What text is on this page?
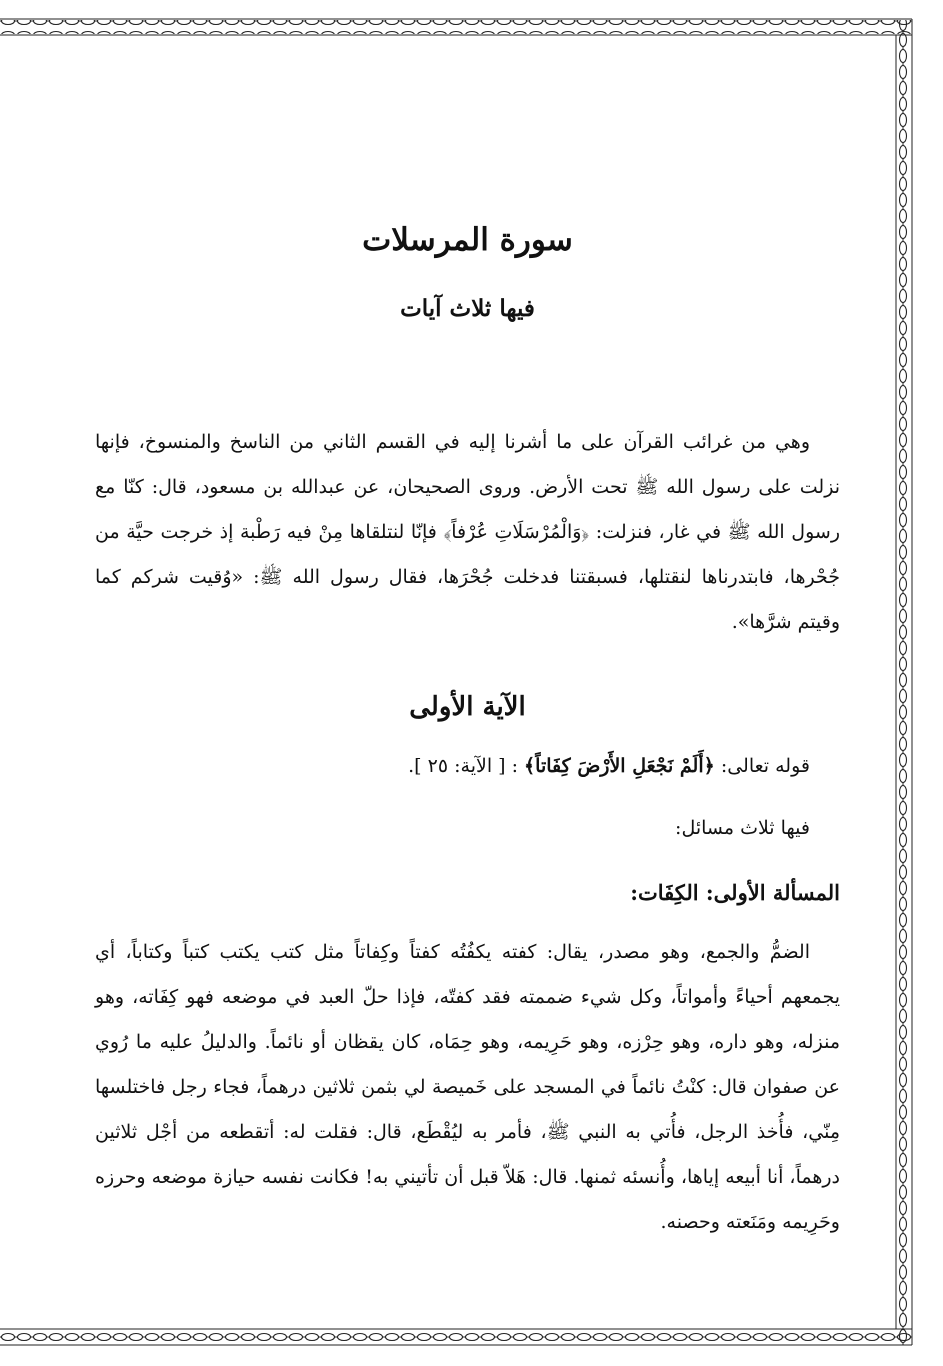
سورة المرسلات
فيها ثلاث آيات

وهي من غرائب القرآن على ما أشرنا إليه في القسم الثاني من الناسخ والمنسوخ، فإنها نزلت على رسول الله ﷺ تحت الأرض. وروى الصحيحان، عن عبدالله بن مسعود، قال: كنّا مع رسول الله ﷺ في غار، فنزلت: ﴿وَالْمُرْسَلَاتِ عُرْفاً﴾ فإنّا لنتلقاها مِنْ فيه رَطْبة إذ خرجت حيَّة من جُحْرها، فابتدرناها لنقتلها، فسبقتنا فدخلت جُحْرَها، فقال رسول الله ﷺ: «وُقيت شركم كما وقيتم شرَّها».

الآية الأولى

قوله تعالى: ﴿أَلَمْ نَجْعَلِ الأَرْضَ كِفَاتاً﴾ : [ الآية: ٢٥ ].

فيها ثلاث مسائل:

المسألة الأولى: الكِفَات:

الضمُّ والجمع، وهو مصدر، يقال: كفته يكفُتُه كفتاً وكِفاتاً مثل كتب يكتب كتباً وكتاباً، أي يجمعهم أحياءً وأمواتاً، وكل شيء ضممته فقد كفتّه، فإذا حلّ العبد في موضعه فهو كِفَاته، وهو منزله، وهو داره، وهو حِرْزه، وهو حَرِيمه، وهو حِمَاه، كان يقظان أو نائماً. والدليلُ عليه ما رُوي عن صفوان قال: كنْتُ نائماً في المسجد على خَميصة لي بثمن ثلاثين درهماً، فجاء رجل فاختلسها مِنّي، فأُخذ الرجل، فأُتي به النبي ﷺ، فأمر به ليُقْطَع، قال: فقلت له: أتقطعه من أجْل ثلاثين درهماً، أنا أبيعه إياها، وأُنسئه ثمنها. قال: هَلاّ قبل أن تأتيني به! فكانت نفسه حيازة موضعه وحرزه وحَرِيمه ومَنَعته وحصنه.
